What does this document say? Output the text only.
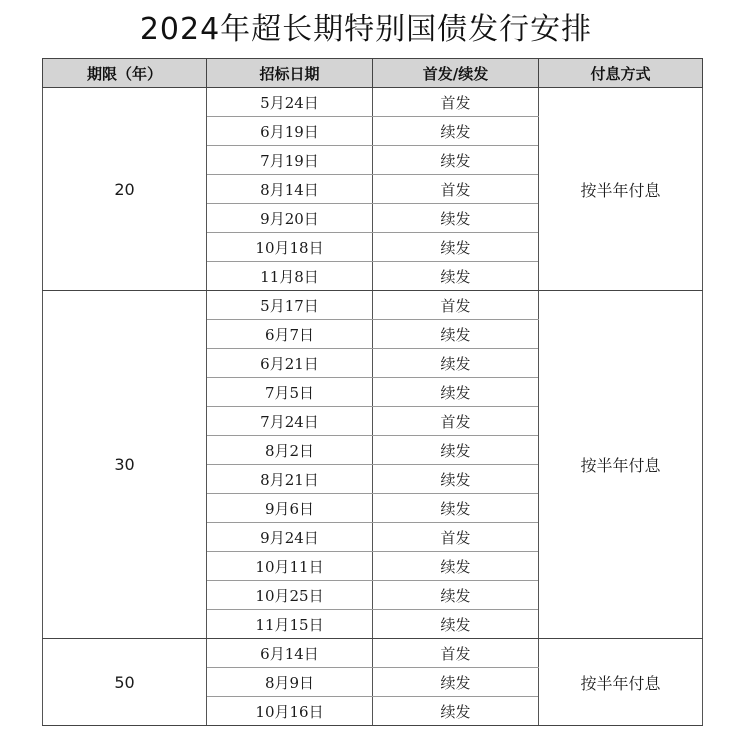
2024年超长期特别国债发行安排
期限（年）	招标日期	首发/续发	付息方式
20	5月24日	首发	按半年付息
	6月19日	续发	
	7月19日	续发	
	8月14日	首发	
	9月20日	续发	
	10月18日	续发	
	11月8日	续发	
30	5月17日	首发	按半年付息
	6月7日	续发	
	6月21日	续发	
	7月5日	续发	
	7月24日	首发	
	8月2日	续发	
	8月21日	续发	
	9月6日	续发	
	9月24日	首发	
	10月11日	续发	
	10月25日	续发	
	11月15日	续发	
50	6月14日	首发	按半年付息
	8月9日	续发	
	10月16日	续发	
